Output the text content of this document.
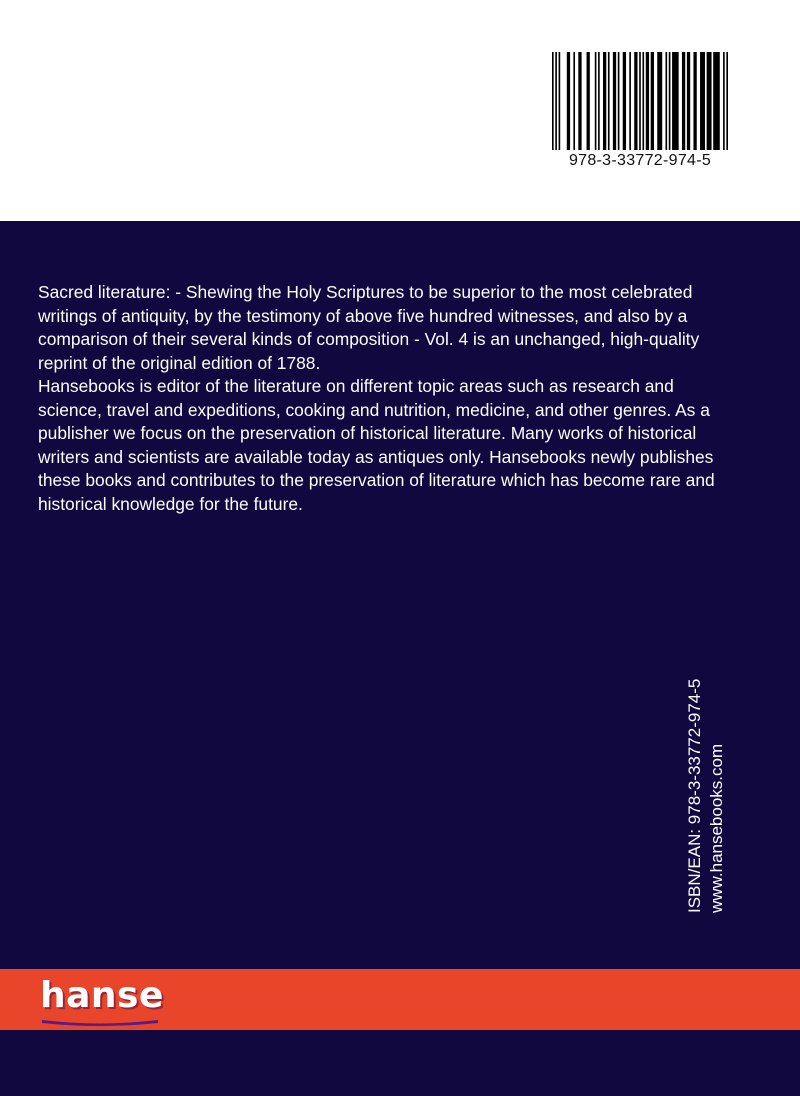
978-3-33772-974-5

Sacred literature: - Shewing the Holy Scriptures to be superior to the most celebrated writings of antiquity, by the testimony of above five hundred witnesses, and also by a comparison of their several kinds of composition - Vol. 4 is an unchanged, high-quality reprint of the original edition of 1788.

Hansebooks is editor of the literature on different topic areas such as research and science, travel and expeditions, cooking and nutrition, medicine, and other genres. As a publisher we focus on the preservation of historical literature. Many works of historical writers and scientists are available today as antiques only. Hansebooks newly publishes these books and contributes to the preservation of literature which has become rare and historical knowledge for the future.

ISBN/EAN: 978-3-33772-974-5 www.hansebooks.com
hanse
